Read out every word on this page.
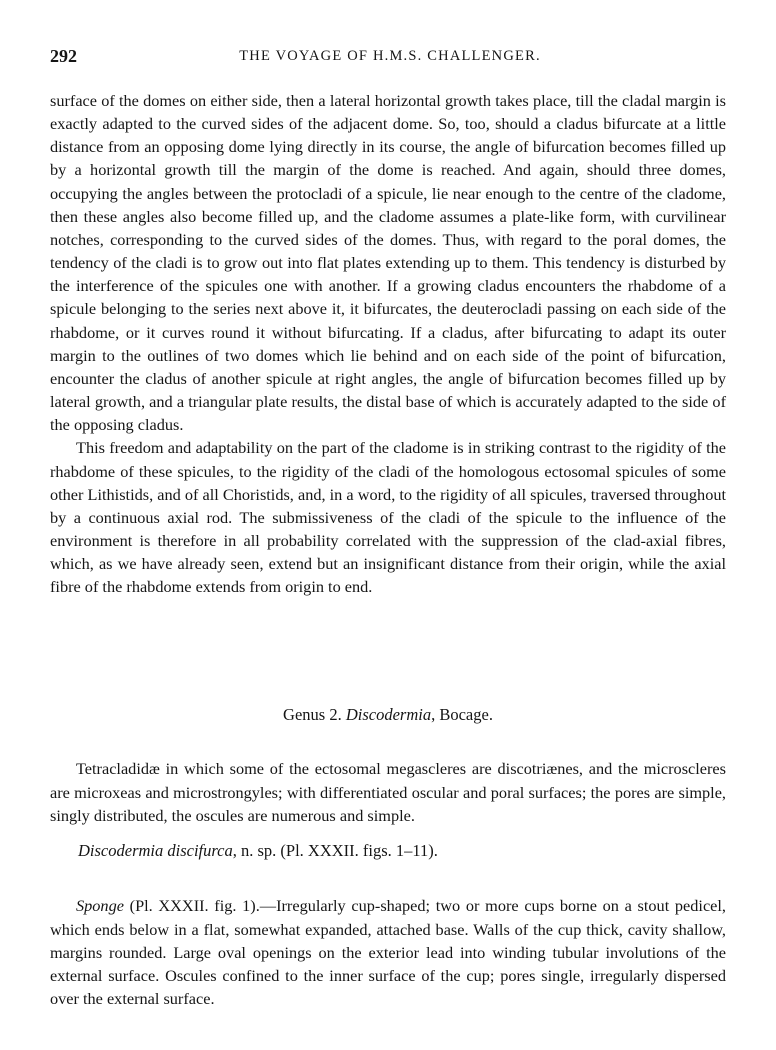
292	THE VOYAGE OF H.M.S. CHALLENGER.

surface of the domes on either side, then a lateral horizontal growth takes place, till the cladal margin is exactly adapted to the curved sides of the adjacent dome. So, too, should a cladus bifurcate at a little distance from an opposing dome lying directly in its course, the angle of bifurcation becomes filled up by a horizontal growth till the margin of the dome is reached. And again, should three domes, occupying the angles between the protocladi of a spicule, lie near enough to the centre of the cladome, then these angles also become filled up, and the cladome assumes a plate-like form, with curvilinear notches, corresponding to the curved sides of the domes. Thus, with regard to the poral domes, the tendency of the cladi is to grow out into flat plates extending up to them. This tendency is disturbed by the interference of the spicules one with another. If a growing cladus encounters the rhabdome of a spicule belonging to the series next above it, it bifurcates, the deuterocladi passing on each side of the rhabdome, or it curves round it without bifurcating. If a cladus, after bifurcating to adapt its outer margin to the outlines of two domes which lie behind and on each side of the point of bifurcation, encounter the cladus of another spicule at right angles, the angle of bifurcation becomes filled up by lateral growth, and a triangular plate results, the distal base of which is accurately adapted to the side of the opposing cladus.

This freedom and adaptability on the part of the cladome is in striking contrast to the rigidity of the rhabdome of these spicules, to the rigidity of the cladi of the homologous ectosomal spicules of some other Lithistids, and of all Choristids, and, in a word, to the rigidity of all spicules, traversed throughout by a continuous axial rod. The submissiveness of the cladi of the spicule to the influence of the environment is therefore in all probability correlated with the suppression of the clad-axial fibres, which, as we have already seen, extend but an insignificant distance from their origin, while the axial fibre of the rhabdome extends from origin to end.

Genus 2. Discodermia, Bocage.

Tetracladidæ in which some of the ectosomal megascleres are discotriænes, and the microscleres are microxeas and microstrongyles; with differentiated oscular and poral surfaces; the pores are simple, singly distributed, the oscules are numerous and simple.

Discodermia discifurca, n. sp. (Pl. XXXII. figs. 1–11).

Sponge (Pl. XXXII. fig. 1).—Irregularly cup-shaped; two or more cups borne on a stout pedicel, which ends below in a flat, somewhat expanded, attached base. Walls of the cup thick, cavity shallow, margins rounded. Large oval openings on the exterior lead into winding tubular involutions of the external surface. Oscules confined to the inner surface of the cup; pores single, irregularly dispersed over the external surface.
